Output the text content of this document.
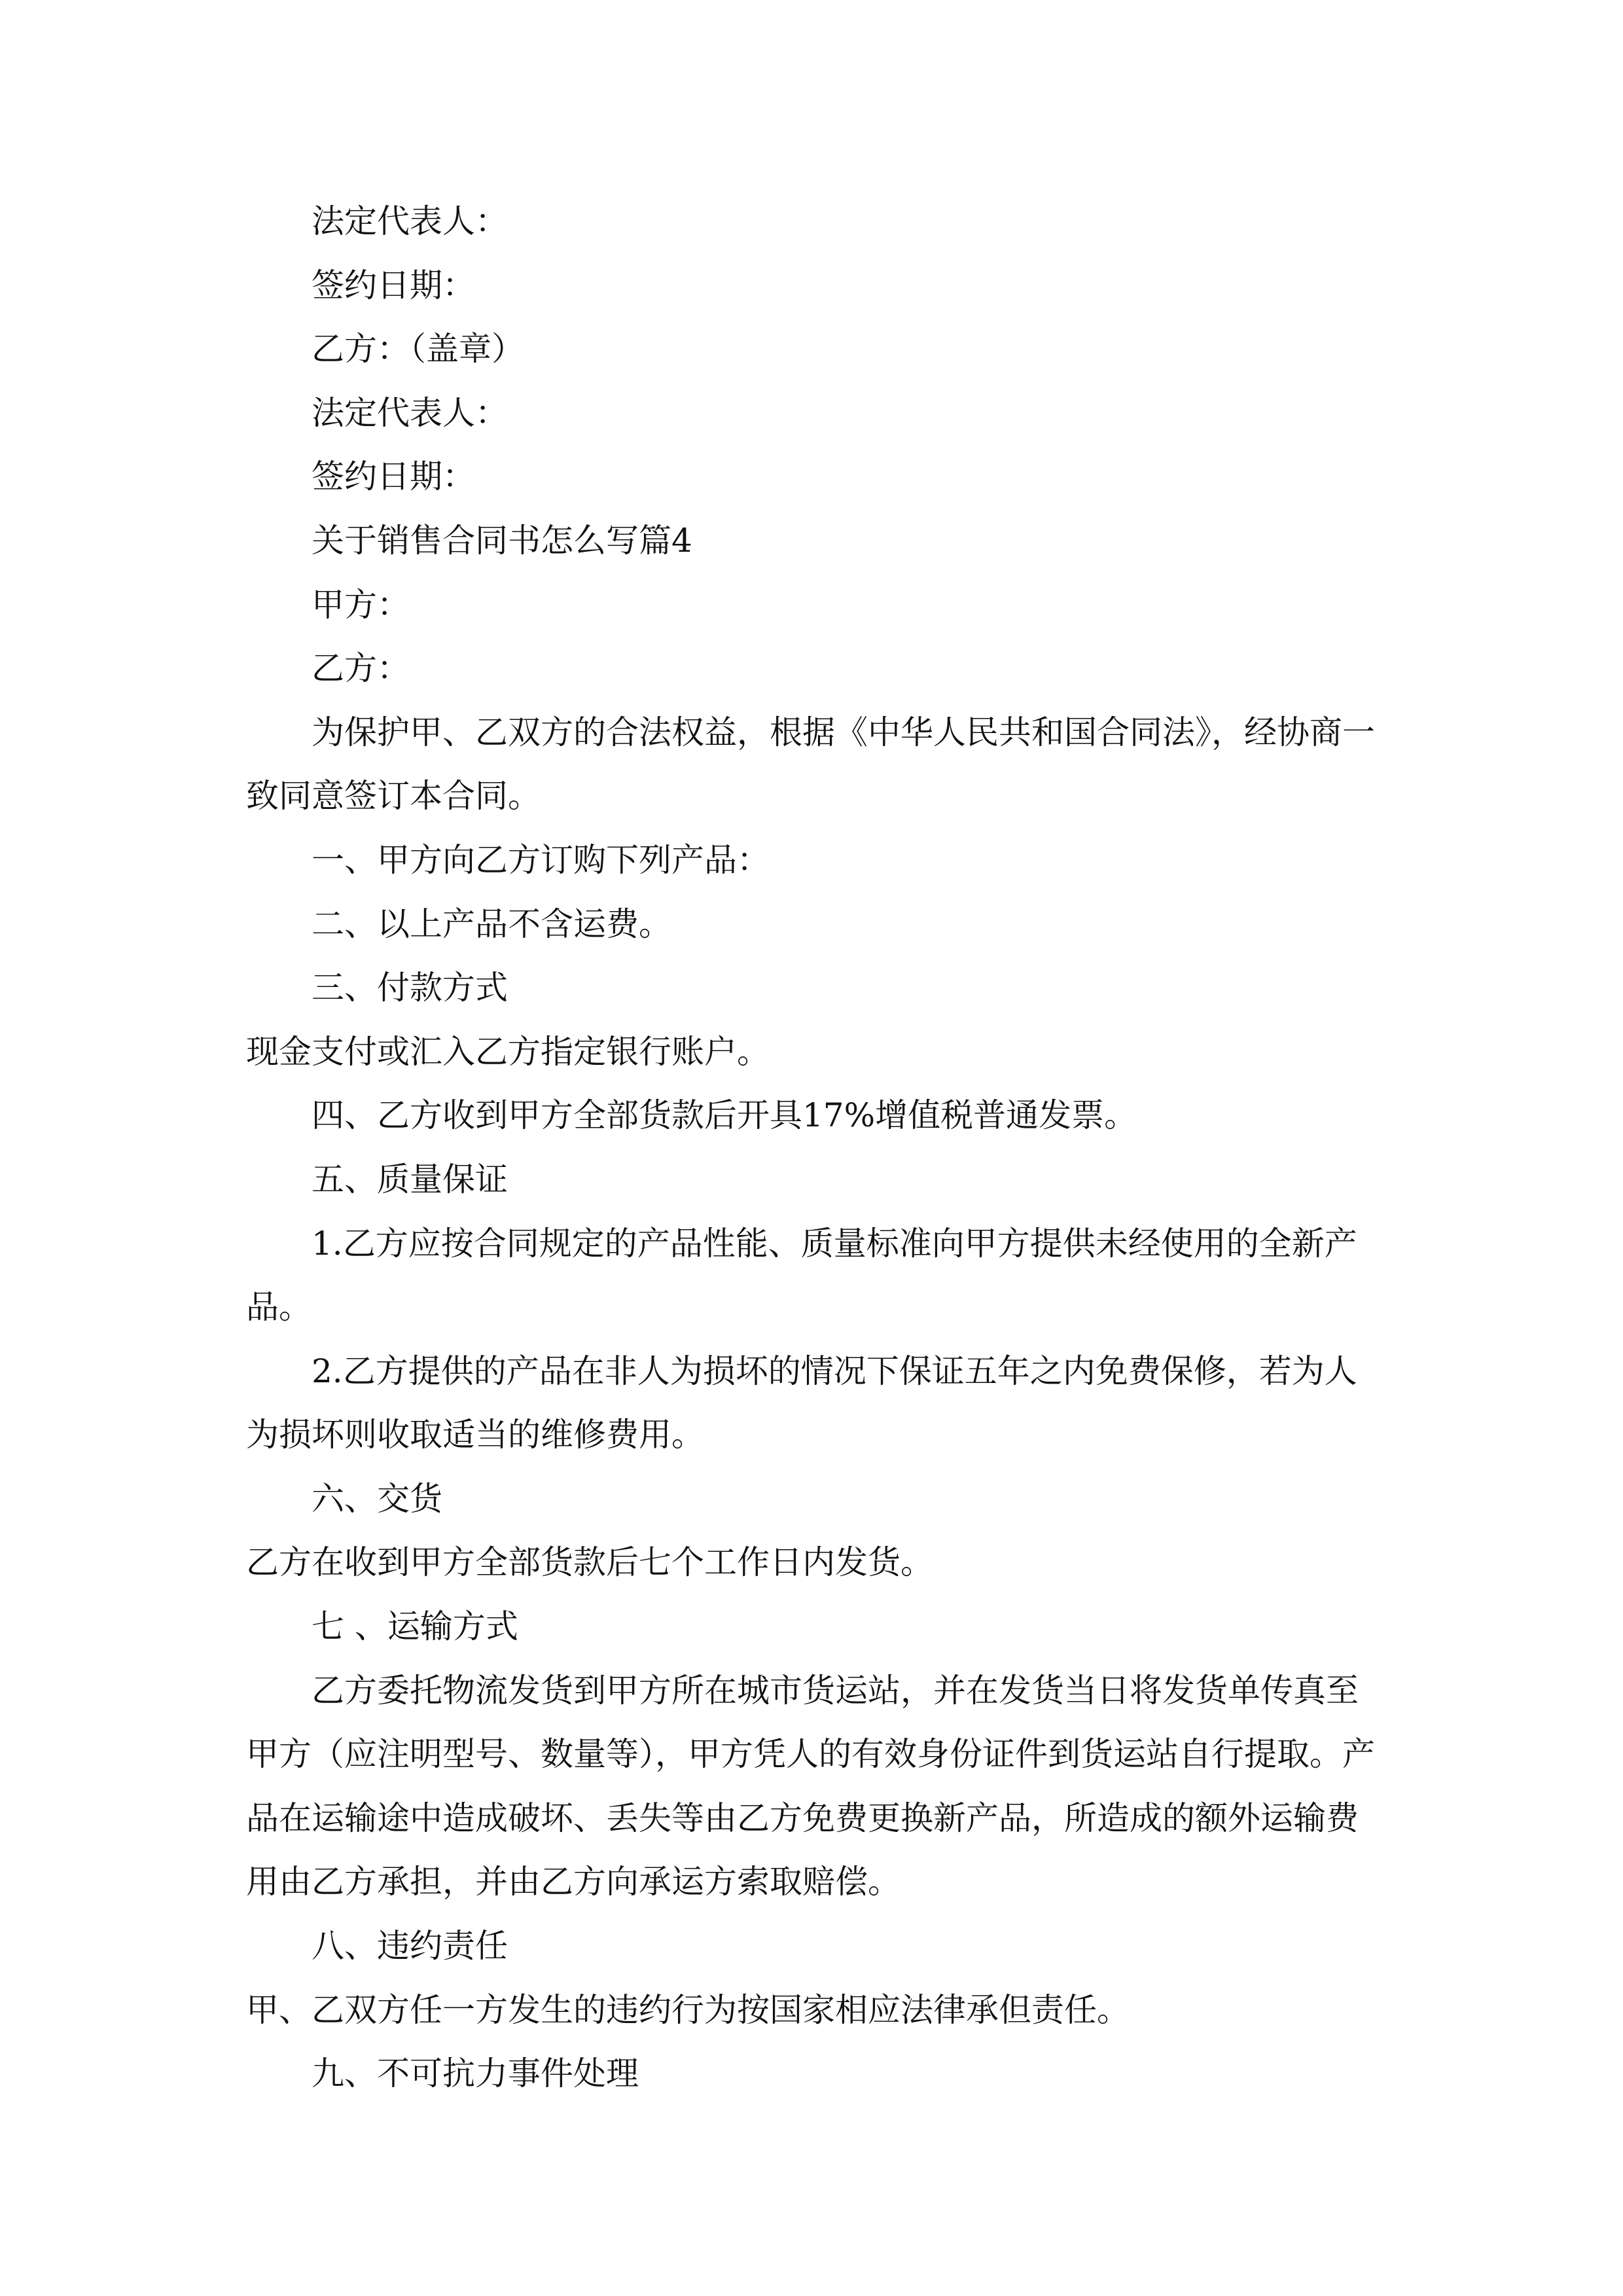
法定代表人：

签约日期：

乙方：（盖章）

法定代表人：

签约日期：

关于销售合同书怎么写篇4

甲方：

乙方：

为保护甲、乙双方的合法权益，根据《中华人民共和国合同法》，经协商一致同意签订本合同。

一、甲方向乙方订购下列产品：

二、以上产品不含运费。

三、付款方式

现金支付或汇入乙方指定银行账户。

四、乙方收到甲方全部货款后开具17%增值税普通发票。

五、质量保证

1.乙方应按合同规定的产品性能、质量标准向甲方提供未经使用的全新产品。

2.乙方提供的产品在非人为损坏的情况下保证五年之内免费保修，若为人为损坏则收取适当的维修费用。

六、交货

乙方在收到甲方全部货款后七个工作日内发货。

七 、运输方式

乙方委托物流发货到甲方所在城市货运站，并在发货当日将发货单传真至甲方（应注明型号、数量等），甲方凭人的有效身份证件到货运站自行提取。产品在运输途中造成破坏、丢失等由乙方免费更换新产品，所造成的额外运输费用由乙方承担，并由乙方向承运方索取赔偿。

八、违约责任

甲、乙双方任一方发生的违约行为按国家相应法律承但责任。

九、不可抗力事件处理
